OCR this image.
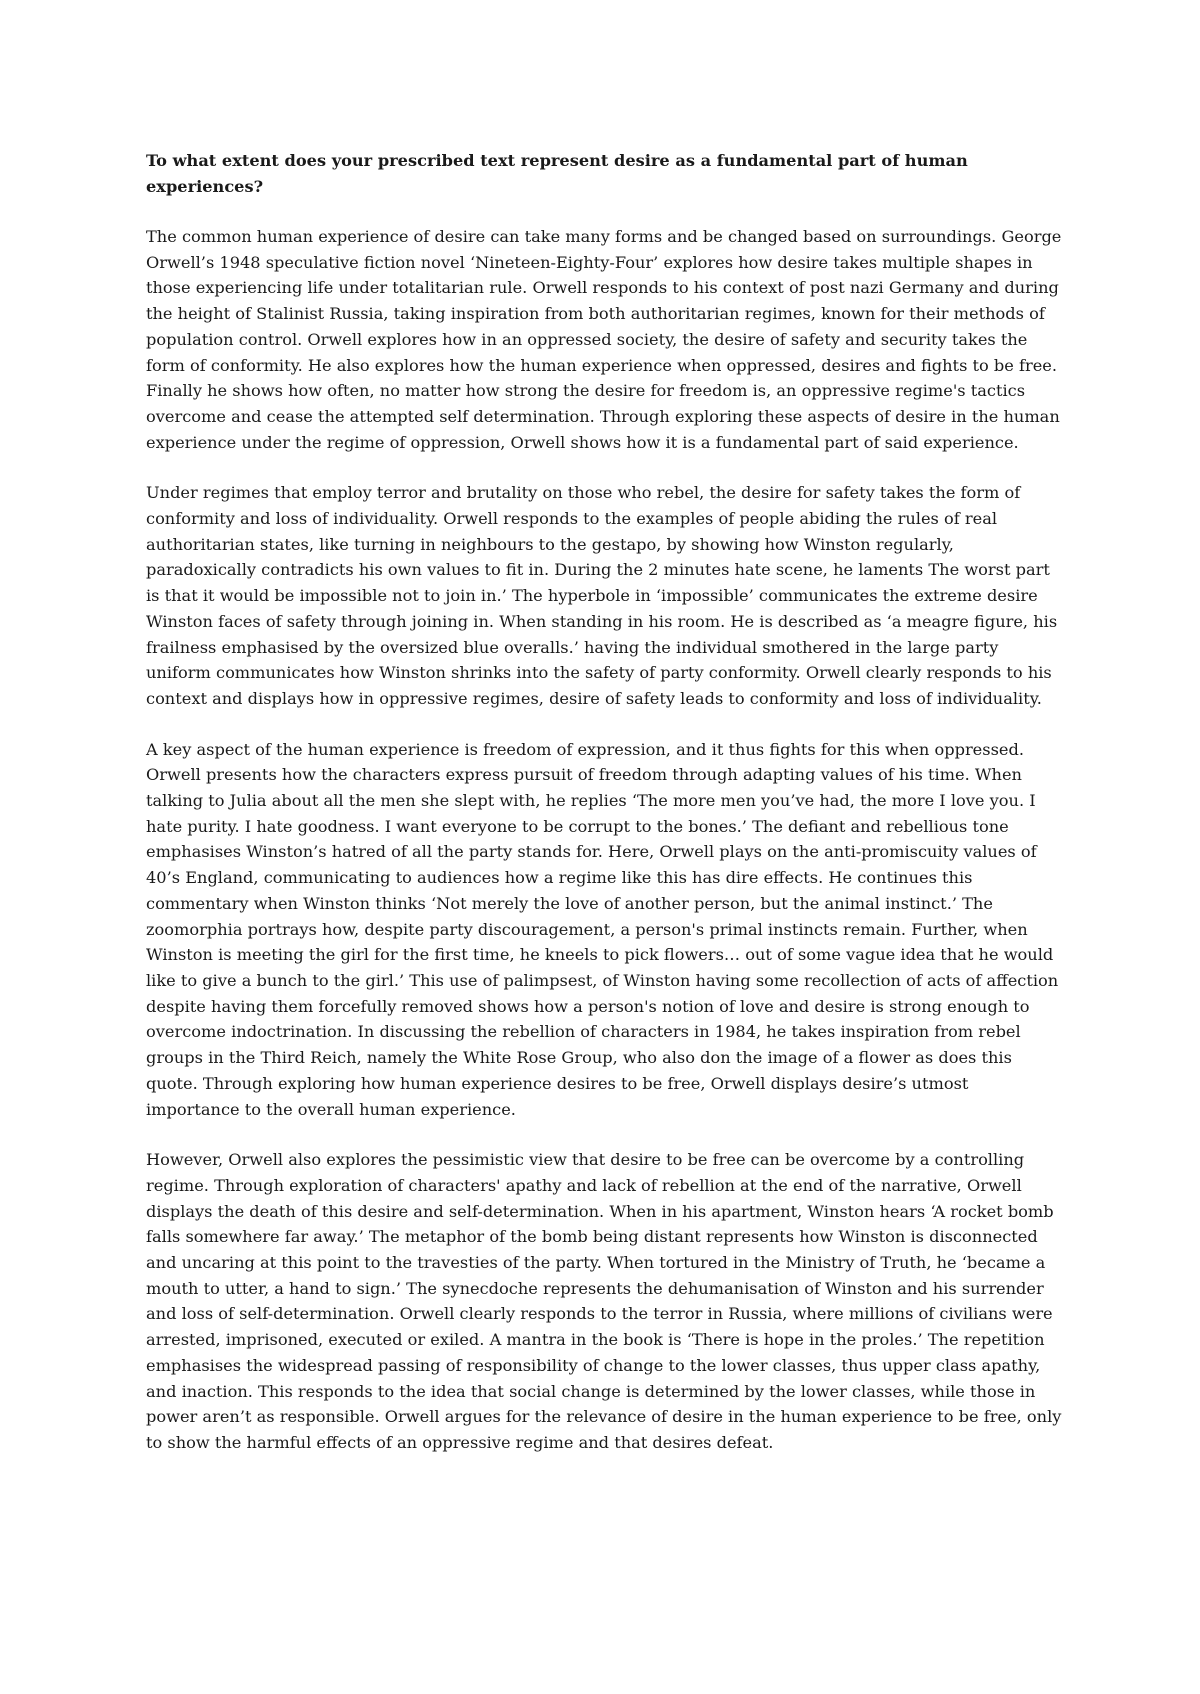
To what extent does your prescribed text represent desire as a fundamental part of human experiences?

The common human experience of desire can take many forms and be changed based on surroundings. George Orwell’s 1948 speculative fiction novel ‘Nineteen-Eighty-Four’ explores how desire takes multiple shapes in those experiencing life under totalitarian rule. Orwell responds to his context of post nazi Germany and during the height of Stalinist Russia, taking inspiration from both authoritarian regimes, known for their methods of population control. Orwell explores how in an oppressed society, the desire of safety and security takes the form of conformity. He also explores how the human experience when oppressed, desires and fights to be free. Finally he shows how often, no matter how strong the desire for freedom is, an oppressive regime's tactics overcome and cease the attempted self determination. Through exploring these aspects of desire in the human experience under the regime of oppression, Orwell shows how it is a fundamental part of said experience.

Under regimes that employ terror and brutality on those who rebel, the desire for safety takes the form of conformity and loss of individuality. Orwell responds to the examples of people abiding the rules of real authoritarian states, like turning in neighbours to the gestapo, by showing how Winston regularly, paradoxically contradicts his own values to fit in. During the 2 minutes hate scene, he laments The worst part is that it would be impossible not to join in.’ The hyperbole in ‘impossible’ communicates the extreme desire Winston faces of safety through joining in. When standing in his room. He is described as ‘a meagre figure, his frailness emphasised by the oversized blue overalls.’ having the individual smothered in the large party uniform communicates how Winston shrinks into the safety of party conformity. Orwell clearly responds to his context and displays how in oppressive regimes, desire of safety leads to conformity and loss of individuality.

A key aspect of the human experience is freedom of expression, and it thus fights for this when oppressed. Orwell presents how the characters express pursuit of freedom through adapting values of his time. When talking to Julia about all the men she slept with, he replies ‘The more men you’ve had, the more I love you. I hate purity. I hate goodness. I want everyone to be corrupt to the bones.’ The defiant and rebellious tone emphasises Winston’s hatred of all the party stands for. Here, Orwell plays on the anti-promiscuity values of 40’s England, communicating to audiences how a regime like this has dire effects. He continues this commentary when Winston thinks ‘Not merely the love of another person, but the animal instinct.’ The zoomorphia portrays how, despite party discouragement, a person's primal instincts remain. Further, when Winston is meeting the girl for the first time, he kneels to pick flowers… out of some vague idea that he would like to give a bunch to the girl.’ This use of palimpsest, of Winston having some recollection of acts of affection despite having them forcefully removed shows how a person's notion of love and desire is strong enough to overcome indoctrination. In discussing the rebellion of characters in 1984, he takes inspiration from rebel groups in the Third Reich, namely the White Rose Group, who also don the image of a flower as does this quote. Through exploring how human experience desires to be free, Orwell displays desire’s utmost importance to the overall human experience.

However, Orwell also explores the pessimistic view that desire to be free can be overcome by a controlling regime. Through exploration of characters' apathy and lack of rebellion at the end of the narrative, Orwell displays the death of this desire and self-determination. When in his apartment, Winston hears ‘A rocket bomb falls somewhere far away.’ The metaphor of the bomb being distant represents how Winston is disconnected and uncaring at this point to the travesties of the party. When tortured in the Ministry of Truth, he ‘became a mouth to utter, a hand to sign.’ The synecdoche represents the dehumanisation of Winston and his surrender and loss of self-determination. Orwell clearly responds to the terror in Russia, where millions of civilians were arrested, imprisoned, executed or exiled. A mantra in the book is ‘There is hope in the proles.’ The repetition emphasises the widespread passing of responsibility of change to the lower classes, thus upper class apathy, and inaction. This responds to the idea that social change is determined by the lower classes, while those in power aren’t as responsible. Orwell argues for the relevance of desire in the human experience to be free, only to show the harmful effects of an oppressive regime and that desires defeat.
